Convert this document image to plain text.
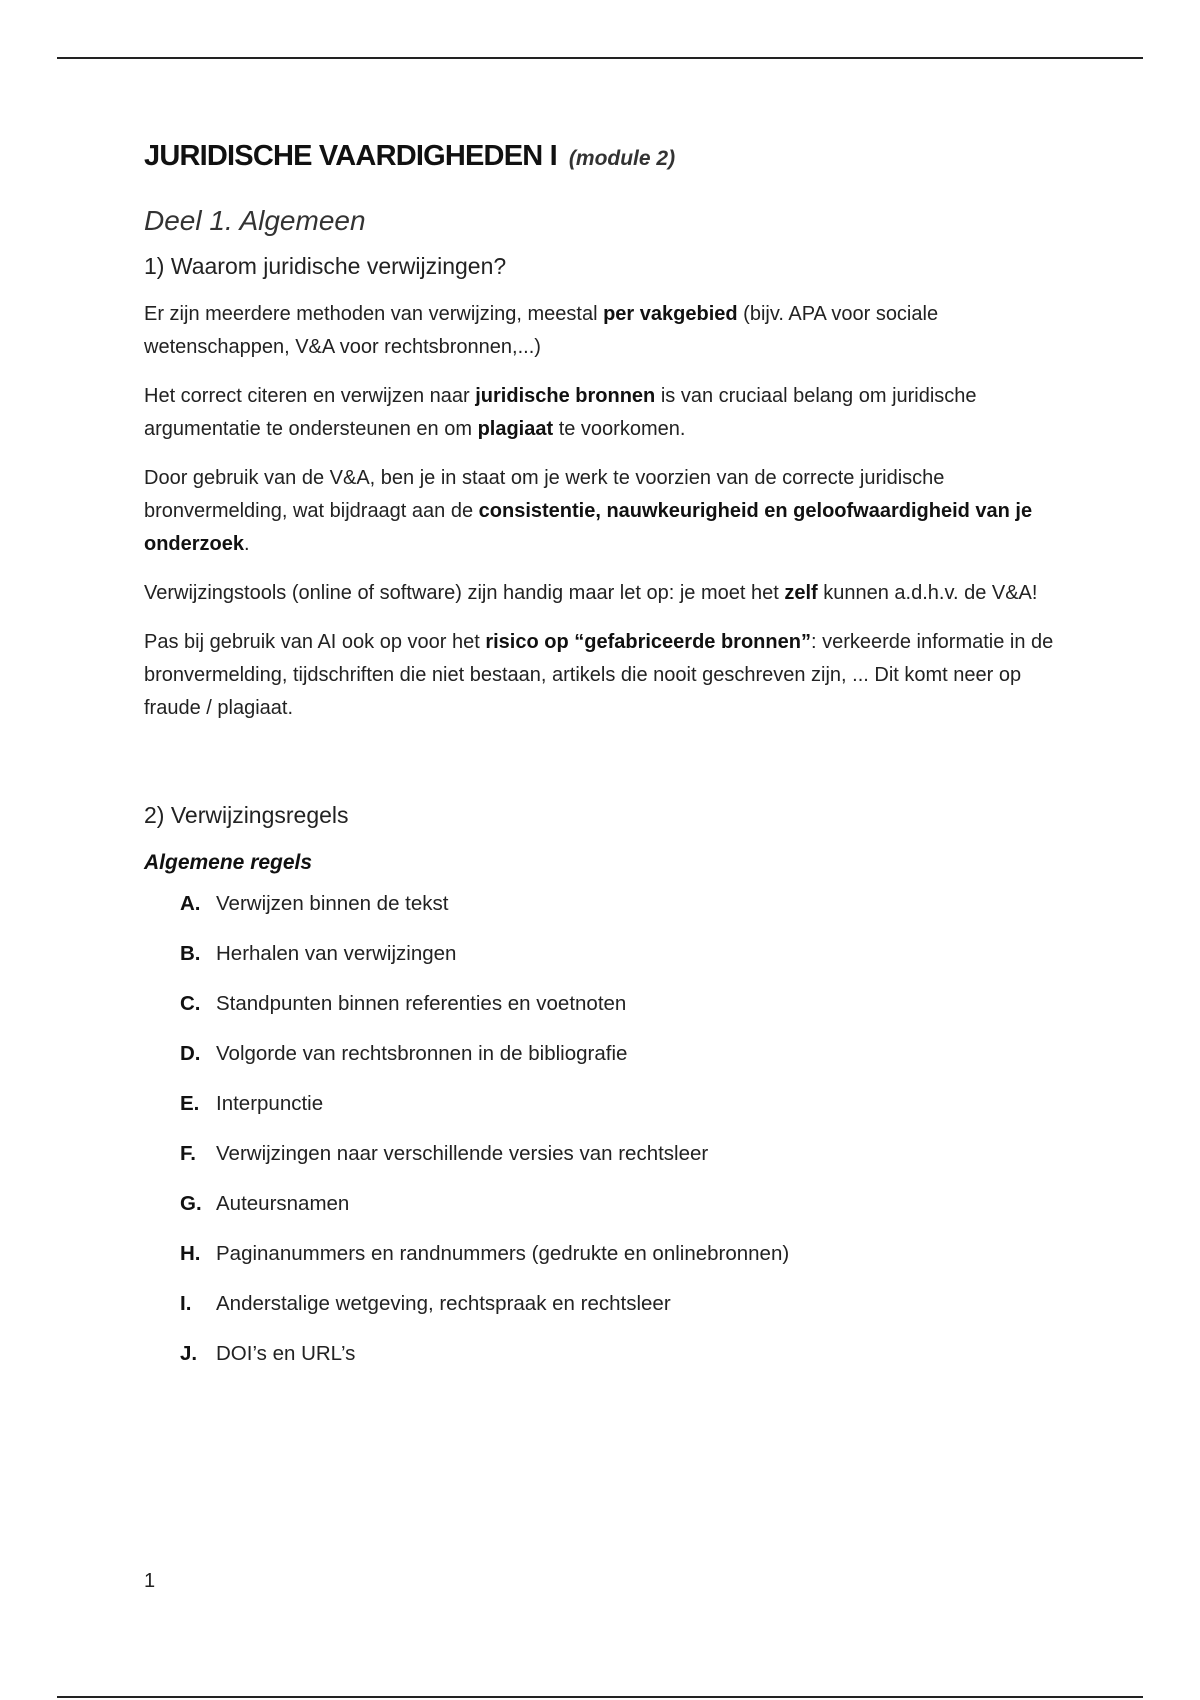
JURIDISCHE VAARDIGHEDEN I (module 2)
Deel 1. Algemeen
1) Waarom juridische verwijzingen?

Er zijn meerdere methoden van verwijzing, meestal per vakgebied (bijv. APA voor sociale wetenschappen, V&A voor rechtsbronnen,...)

Het correct citeren en verwijzen naar juridische bronnen is van cruciaal belang om juridische argumentatie te ondersteunen en om plagiaat te voorkomen.

Door gebruik van de V&A, ben je in staat om je werk te voorzien van de correcte juridische bronvermelding, wat bijdraagt aan de consistentie, nauwkeurigheid en geloofwaardigheid van je onderzoek.

Verwijzingstools (online of software) zijn handig maar let op: je moet het zelf kunnen a.d.h.v. de V&A!

Pas bij gebruik van AI ook op voor het risico op “gefabriceerde bronnen”: verkeerde informatie in de bronvermelding, tijdschriften die niet bestaan, artikels die nooit geschreven zijn, ... Dit komt neer op fraude / plagiaat.

2) Verwijzingsregels
Algemene regels
A. Verwijzen binnen de tekst
B. Herhalen van verwijzingen
C. Standpunten binnen referenties en voetnoten
D. Volgorde van rechtsbronnen in de bibliografie
E. Interpunctie
F. Verwijzingen naar verschillende versies van rechtsleer
G. Auteursnamen
H. Paginanummers en randnummers (gedrukte en onlinebronnen)
I.	Anderstalige wetgeving, rechtspraak en rechtsleer
J. DOI’s en URL’s
1
